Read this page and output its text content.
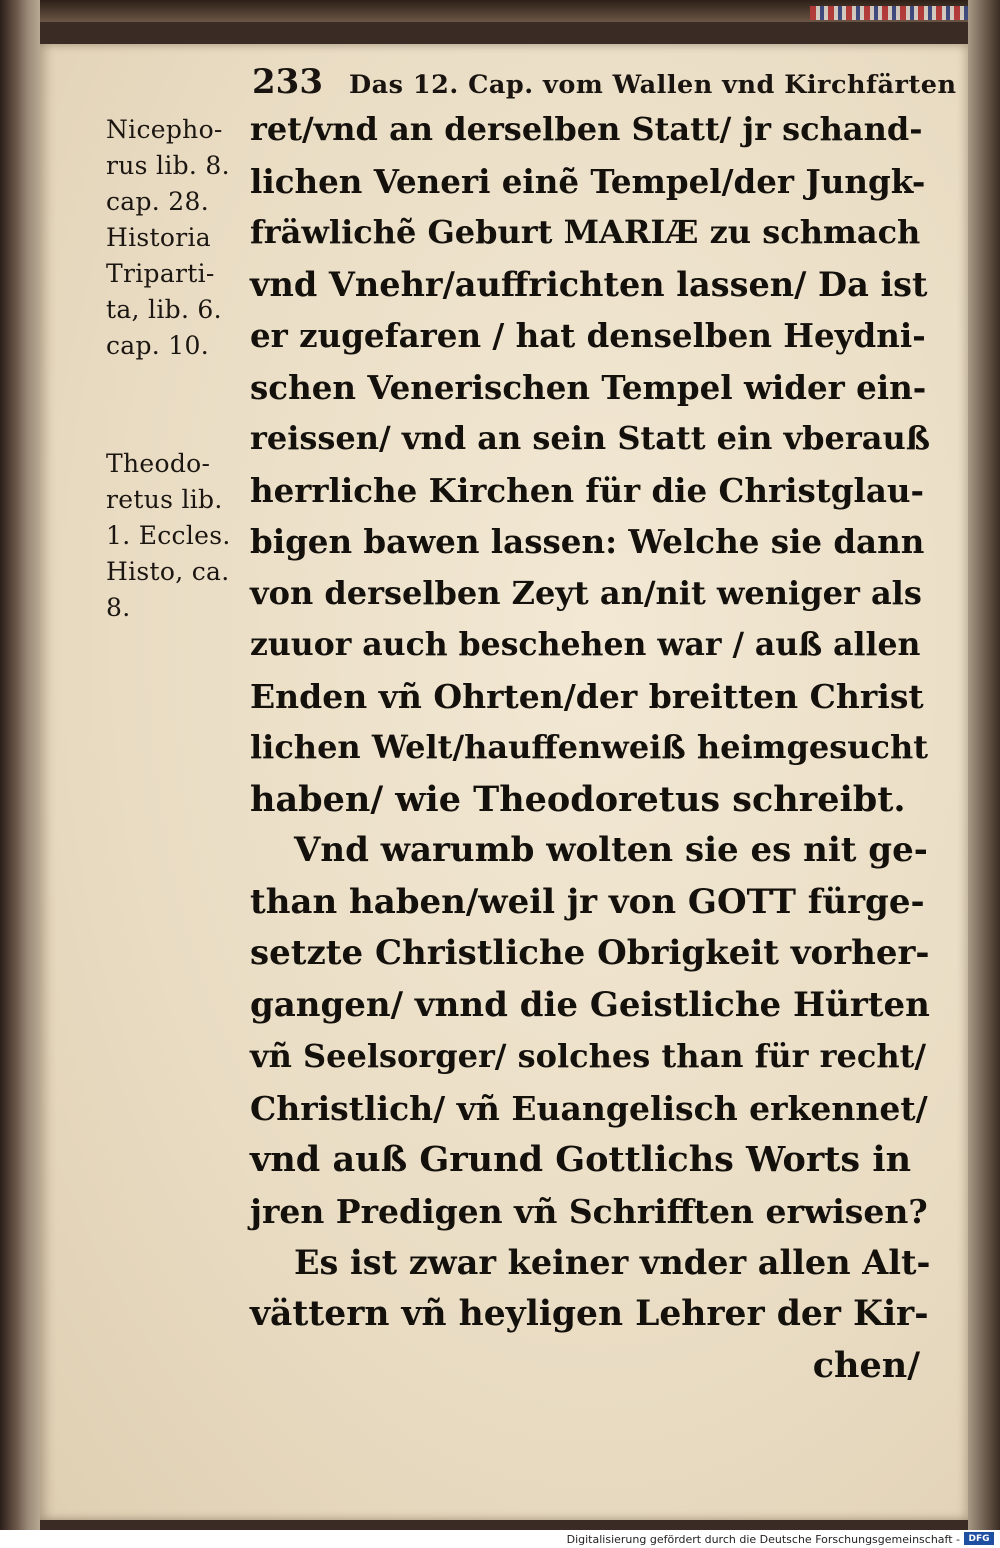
233 Das 12. Cap. vom Wallen vnd Kirchfärten
Nicepho-
rus lib. 8.
cap. 28.
Historia
Triparti-
ta, lib. 6.
cap. 10.
Theodo-
retus lib.
1. Eccles.
Histo, ca.
8.
ret/vnd an derselben Statt/ jr schand-
lichen Veneri einẽ Tempel/der Jungk-
fräwlichẽ Geburt MARIÆ zu schmach
vnd Vnehr/auffrichten lassen/ Da ist
er zugefaren / hat denselben Heydni-
schen Venerischen Tempel wider ein-
reissen/ vnd an sein Statt ein vberauß
herrliche Kirchen für die Christglau-
bigen bawen lassen: Welche sie dann
von derselben Zeyt an/nit weniger als
zuuor auch beschehen war / auß allen
Enden vñ Ohrten/der breitten Christ
lichen Welt/hauffenweiß heimgesucht
haben/ wie Theodoretus schreibt.
Vnd warumb wolten sie es nit ge-
than haben/weil jr von GOTT fürge-
setzte Christliche Obrigkeit vorher-
gangen/ vnnd die Geistliche Hürten
vñ Seelsorger/ solches than für recht/
Christlich/ vñ Euangelisch erkennet/
vnd auß Grund Gottlichs Worts in
jren Predigen vñ Schrifften erwisen?
Es ist zwar keiner vnder allen Alt-
vättern vñ heyligen Lehrer der Kir-
chen/
Digitalisierung gefördert durch die Deutsche Forschungsgemeinschaft - DFG
